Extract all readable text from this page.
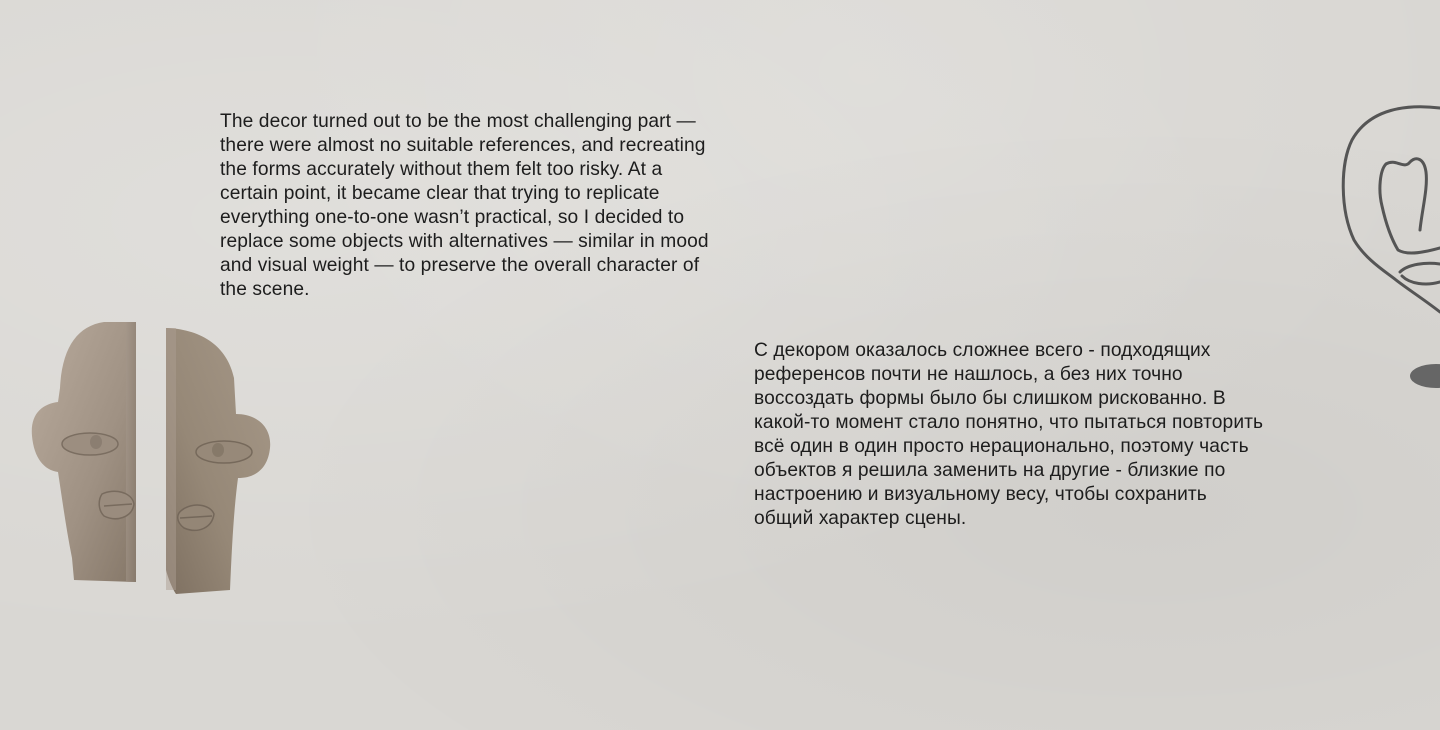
The decor turned out to be the most challenging part — there were almost no suitable references, and recreating the forms accurately without them felt too risky. At a certain point, it became clear that trying to replicate everything one-to-one wasn’t practical, so I decided to replace some objects with alternatives — similar in mood and visual weight — to preserve the overall character of the scene.

С декором оказалось сложнее всего - подходящих референсов почти не нашлось, а без них точно воссоздать формы было бы слишком рискованно. В какой-то момент стало понятно, что пытаться повторить всё один в один просто нерационально, поэтому часть объектов я решила заменить на другие - близкие по настроению и визуальному весу, чтобы сохранить общий характер сцены.
